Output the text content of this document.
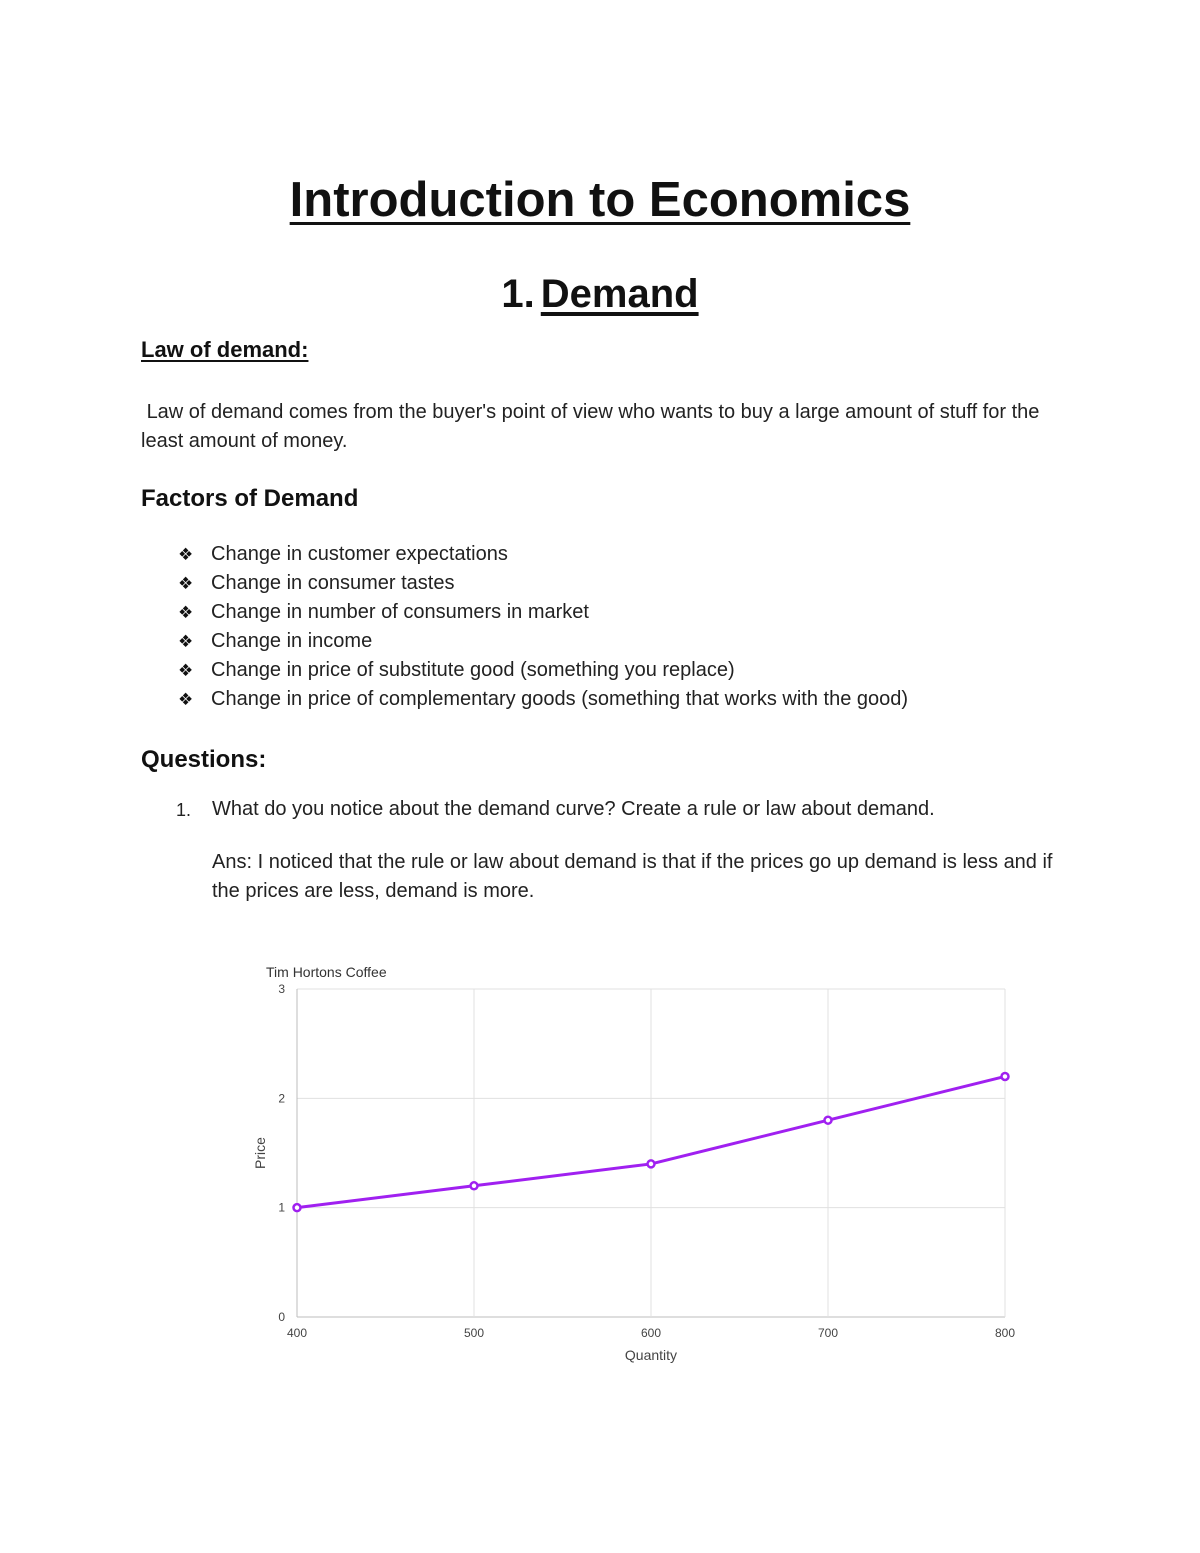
Introduction to Economics
1. Demand
Law of demand:

Law of demand comes from the buyer's point of view who wants to buy a large amount of stuff for the least amount of money.

Factors of Demand
❖ Change in customer expectations
❖ Change in consumer tastes
❖ Change in number of consumers in market
❖ Change in income
❖ Change in price of substitute good (something you replace)
❖ Change in price of complementary goods (something that works with the good)
Questions:
1. What do you notice about the demand curve? Create a rule or law about demand.

Ans: I noticed that the rule or law about demand is that if the prices go up demand is less and if the prices are less, demand is more.

Tim Hortons Coffee
0
1
2
3
400	500	600	700	800
Price
Quantity
